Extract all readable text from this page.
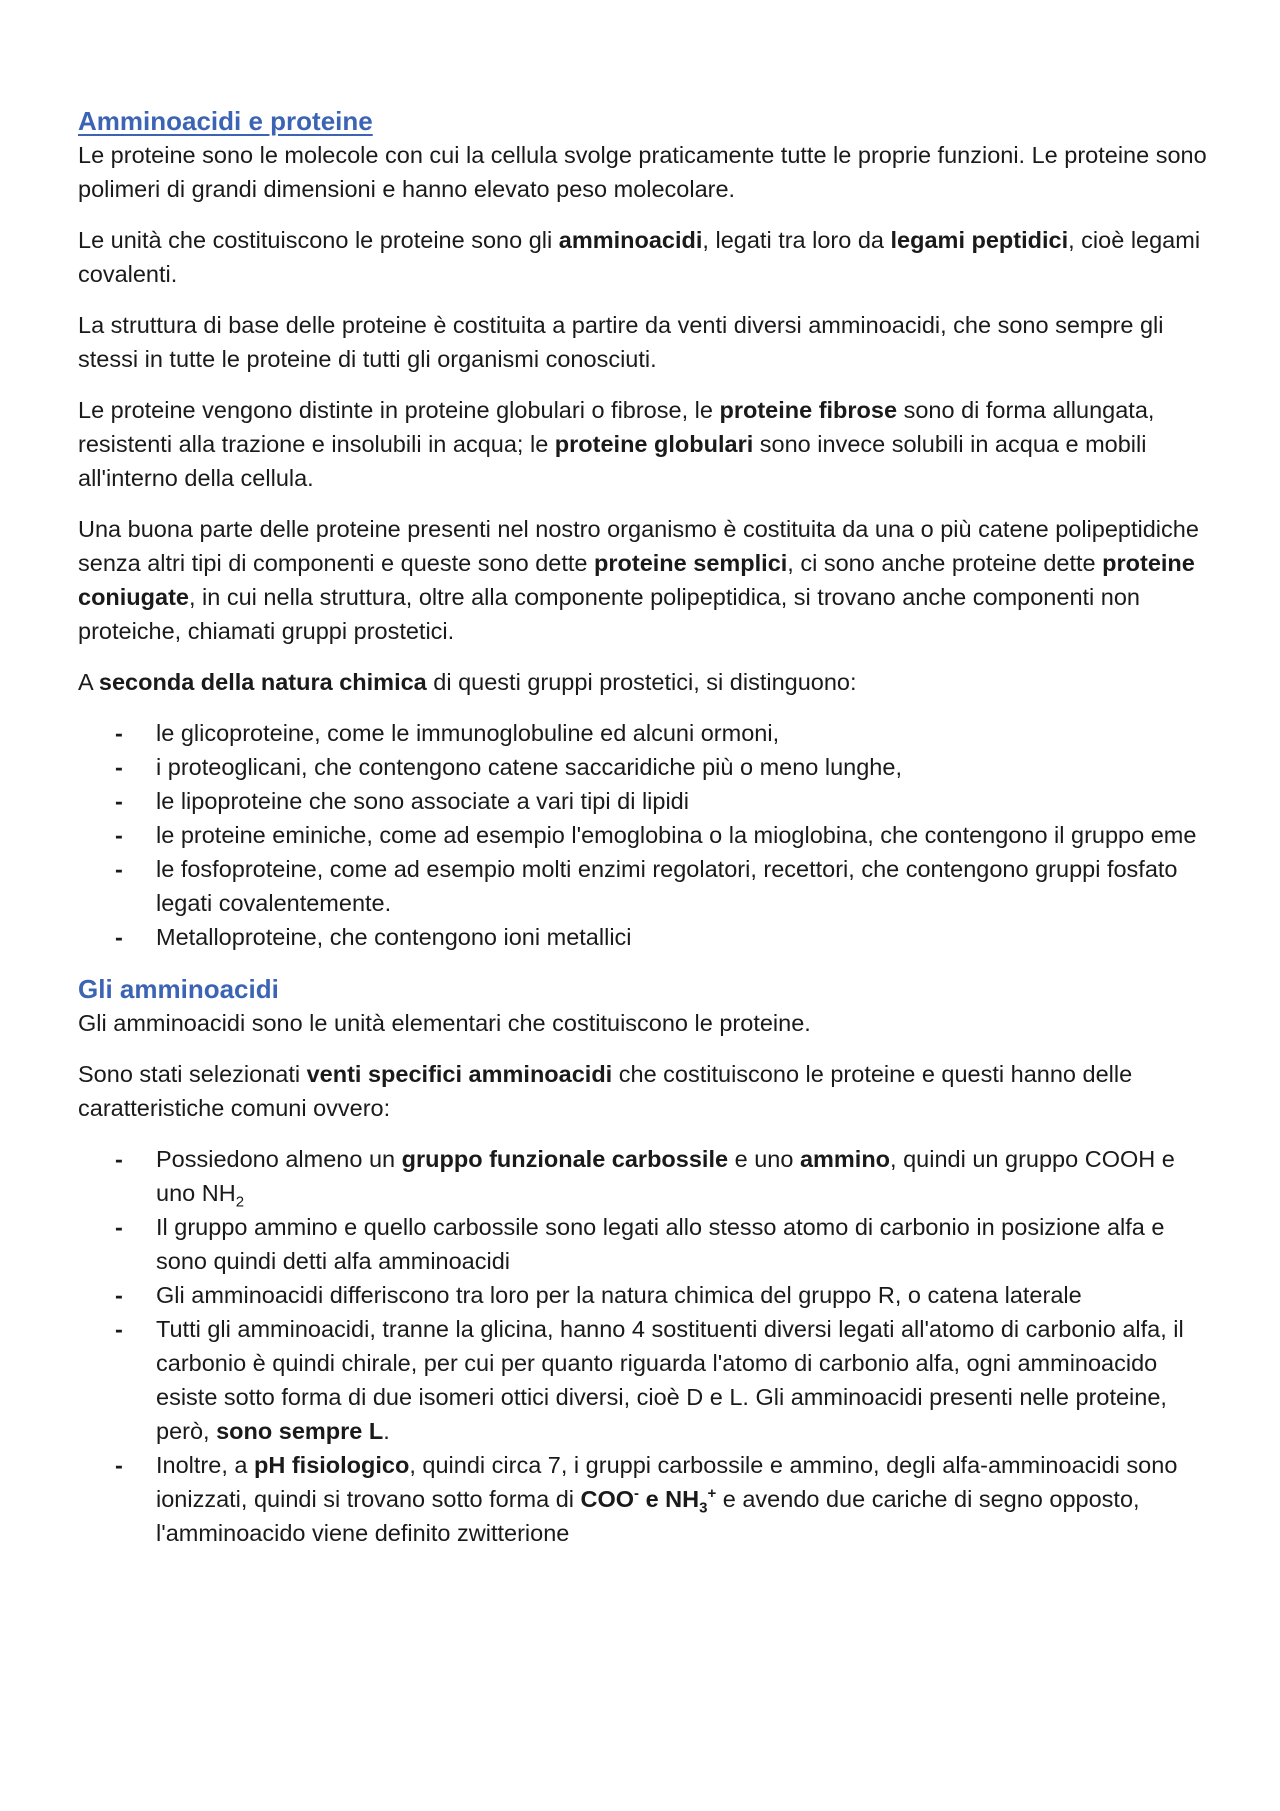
Amminoacidi e proteine

Le proteine sono le molecole con cui la cellula svolge praticamente tutte le proprie funzioni. Le proteine sono polimeri di grandi dimensioni e hanno elevato peso molecolare.

Le unità che costituiscono le proteine sono gli amminoacidi, legati tra loro da legami peptidici, cioè legami covalenti.

La struttura di base delle proteine è costituita a partire da venti diversi amminoacidi, che sono sempre gli stessi in tutte le proteine di tutti gli organismi conosciuti.

Le proteine vengono distinte in proteine globulari o fibrose, le proteine fibrose sono di forma allungata, resistenti alla trazione e insolubili in acqua; le proteine globulari sono invece solubili in acqua e mobili all'interno della cellula.

Una buona parte delle proteine presenti nel nostro organismo è costituita da una o più catene polipeptidiche senza altri tipi di componenti e queste sono dette proteine semplici, ci sono anche proteine dette proteine coniugate, in cui nella struttura, oltre alla componente polipeptidica, si trovano anche componenti non proteiche, chiamati gruppi prostetici.

A seconda della natura chimica di questi gruppi prostetici, si distinguono:

- le glicoproteine, come le immunoglobuline ed alcuni ormoni,
- i proteoglicani, che contengono catene saccaridiche più o meno lunghe,
- le lipoproteine che sono associate a vari tipi di lipidi
- le proteine eminiche, come ad esempio l'emoglobina o la mioglobina, che contengono il gruppo eme
- le fosfoproteine, come ad esempio molti enzimi regolatori, recettori, che contengono gruppi fosfato legati covalentemente.
- Metalloproteine, che contengono ioni metallici
Gli amminoacidi

Gli amminoacidi sono le unità elementari che costituiscono le proteine.

Sono stati selezionati venti specifici amminoacidi che costituiscono le proteine e questi hanno delle caratteristiche comuni ovvero:

- Possiedono almeno un gruppo funzionale carbossile e uno ammino, quindi un gruppo COOH e uno $NH_2$
- Il gruppo ammino e quello carbossile sono legati allo stesso atomo di carbonio in posizione alfa e sono quindi detti alfa amminoacidi
- Gli amminoacidi differiscono tra loro per la natura chimica del gruppo R, o catena laterale
- Tutti gli amminoacidi, tranne la glicina, hanno 4 sostituenti diversi legati all'atomo di carbonio alfa, il carbonio è quindi chirale, per cui per quanto riguarda l'atomo di carbonio alfa, ogni amminoacido esiste sotto forma di due isomeri ottici diversi, cioè D e L. Gli amminoacidi presenti nelle proteine, però, sono sempre L.
- Inoltre, a pH fisiologico, quindi circa 7, i gruppi carbossile e ammino, degli alfa-amminoacidi sono ionizzati, quindi si trovano sotto forma di COO- e $NH_3^+$ e avendo due cariche di segno opposto, l'amminoacido viene definito zwitterione
